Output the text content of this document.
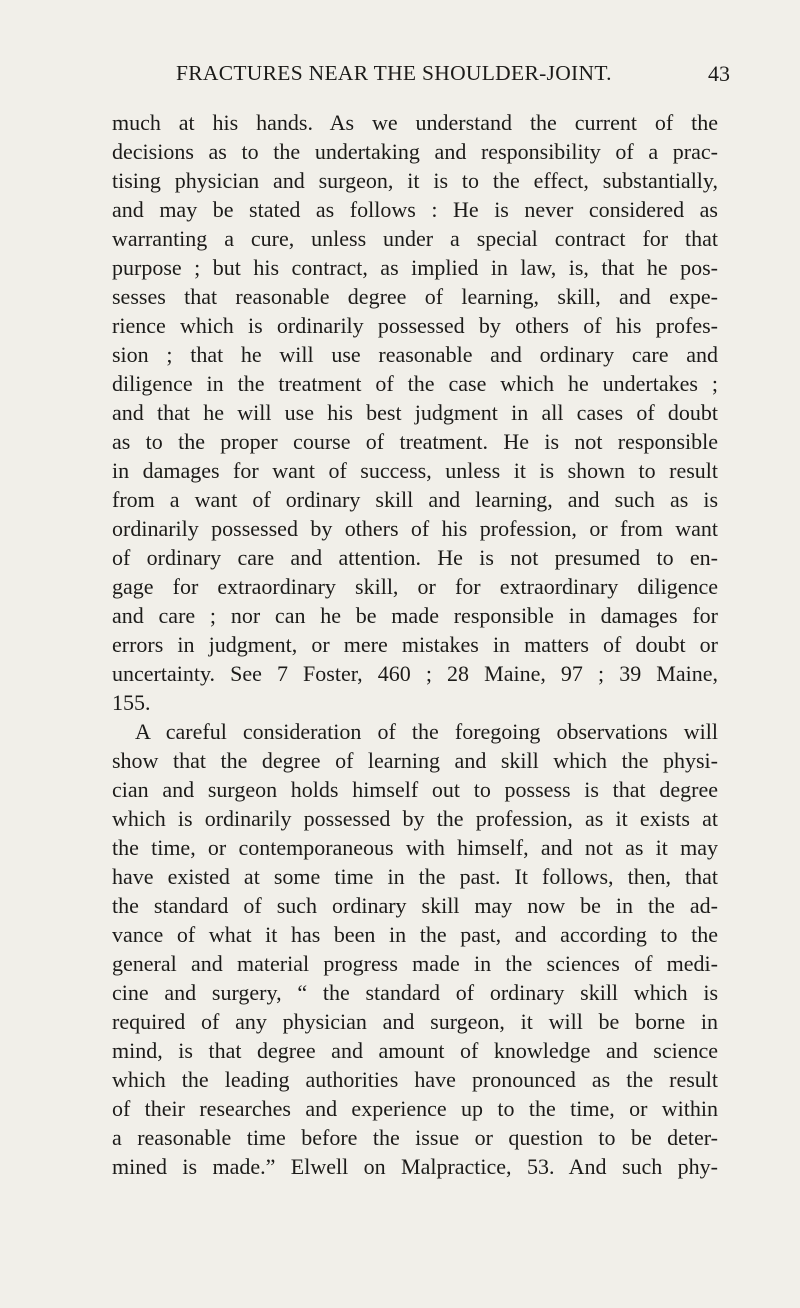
FRACTURES NEAR THE SHOULDER-JOINT.	43
much at his hands. As we understand the current of the
decisions as to the undertaking and responsibility of a prac-
tising physician and surgeon, it is to the effect, substantially,
and may be stated as follows : He is never considered as
warranting a cure, unless under a special contract for that
purpose ; but his contract, as implied in law, is, that he pos-
sesses that reasonable degree of learning, skill, and expe-
rience which is ordinarily possessed by others of his profes-
sion ; that he will use reasonable and ordinary care and
diligence in the treatment of the case which he undertakes ;
and that he will use his best judgment in all cases of doubt
as to the proper course of treatment. He is not responsible
in damages for want of success, unless it is shown to result
from a want of ordinary skill and learning, and such as is
ordinarily possessed by others of his profession, or from want
of ordinary care and attention. He is not presumed to en-
gage for extraordinary skill, or for extraordinary diligence
and care ; nor can he be made responsible in damages for
errors in judgment, or mere mistakes in matters of doubt or
uncertainty. See 7 Foster, 460 ; 28 Maine, 97 ; 39 Maine,
155.
A careful consideration of the foregoing observations will
show that the degree of learning and skill which the physi-
cian and surgeon holds himself out to possess is that degree
which is ordinarily possessed by the profession, as it exists at
the time, or contemporaneous with himself, and not as it may
have existed at some time in the past. It follows, then, that
the standard of such ordinary skill may now be in the ad-
vance of what it has been in the past, and according to the
general and material progress made in the sciences of medi-
cine and surgery, “ the standard of ordinary skill which is
required of any physician and surgeon, it will be borne in
mind, is that degree and amount of knowledge and science
which the leading authorities have pronounced as the result
of their researches and experience up to the time, or within
a reasonable time before the issue or question to be deter-
mined is made.” Elwell on Malpractice, 53. And such phy-
